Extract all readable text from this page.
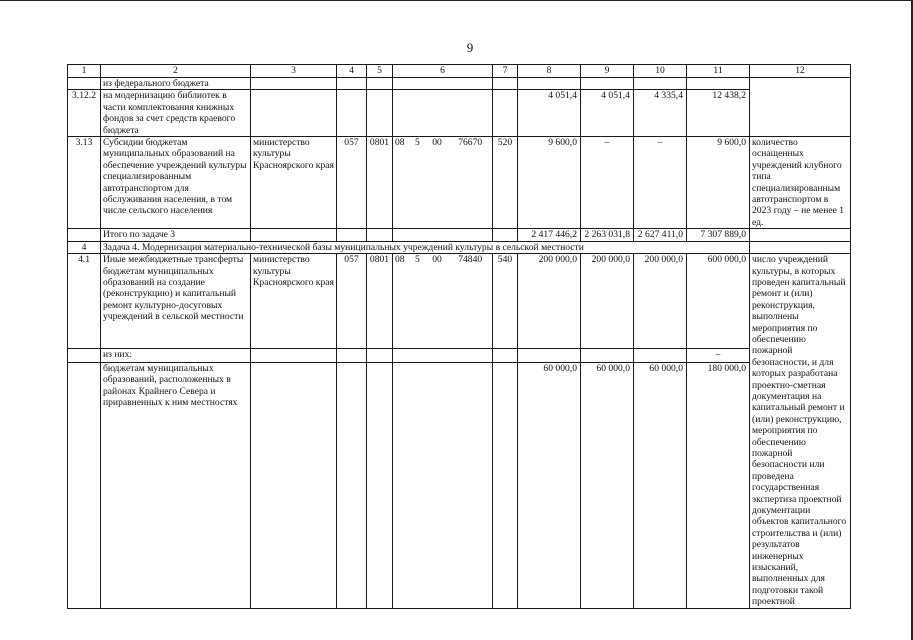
9
1	2	3	4	5	6	7	8	9	10	11	12
	из федерального бюджета										
3.12.2	на модернизацию библиотек в части комплектования книжных фондов за счет средств краевого бюджета						4 051,4	4 051,4	4 335,4	12 438,2	
3.13	Субсидии бюджетам муниципальных образований на обеспечение учреждений культуры специализированным автотранспортом для обслуживания населения, в том числе сельского населения	министерство культуры Красноярского края	057	0801	08 5 00 76670	520	9 600,0	–	–	9 600,0	количество оснащенных учреждений клубного типа специализированным автотранспортом в 2023 году – не менее 1 ед.
	Итого по задаче 3						2 417 446,2	2 263 031,8	2 627 411,0	7 307 889,0	
4	Задача 4. Модернизация материально-технической базы муниципальных учреждений культуры в сельской местности										
4.1	Иные межбюджетные трансферты бюджетам муниципальных образований на создание (реконструкцию) и капитальный ремонт культурно-досуговых учреждений в сельской местности	министерство культуры Красноярского края	057	0801	08 5 00 74840	540	200 000,0	200 000,0	200 000,0	600 000,0	число учреждений культуры, в которых проведен капитальный ремонт и (или) реконструкция, выполнены мероприятия по обеспечению пожарной безопасности, и для которых разработана проектно-сметная документация на капитальный ремонт и (или) реконструкцию, мероприятия по обеспечению пожарной безопасности или проведена государственная экспертиза проектной документации объектов капитального строительства и (или) результатов инженерных изысканий, выполненных для подготовки такой проектной
	из них:									–	
	бюджетам муниципальных образований, расположенных в районах Крайнего Севера и приравненных к ним местностях						60 000,0	60 000,0	60 000,0	180 000,0	
